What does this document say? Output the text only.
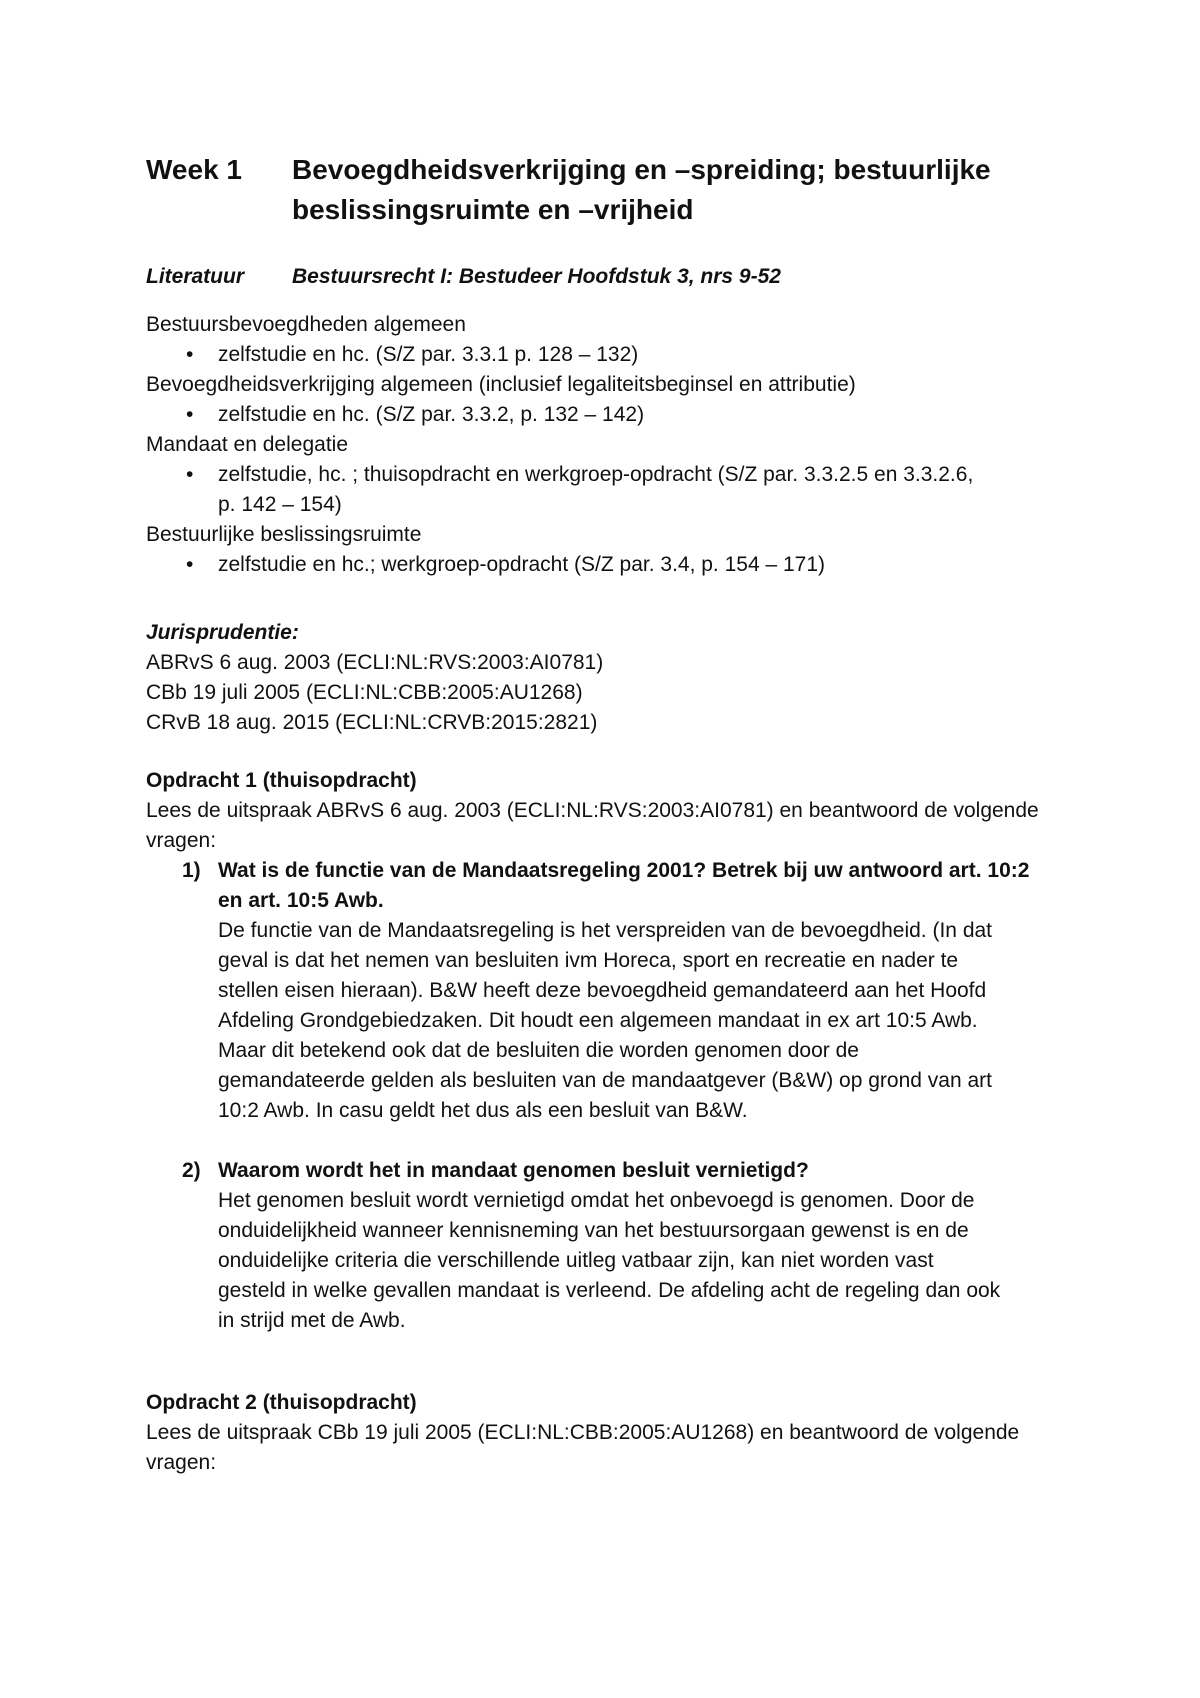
Week 1	Bevoegdheidsverkrijging en –spreiding; bestuurlijke beslissingsruimte en –vrijheid
Literatuur	Bestuursrecht I: Bestudeer Hoofdstuk 3, nrs 9-52
Bestuursbevoegdheden algemeen
• zelfstudie en hc. (S/Z par. 3.3.1 p. 128 – 132)
Bevoegdheidsverkrijging algemeen (inclusief legaliteitsbeginsel en attributie)
• zelfstudie en hc. (S/Z par. 3.3.2, p. 132 – 142)
Mandaat en delegatie
• zelfstudie, hc. ; thuisopdracht en werkgroep-opdracht (S/Z par. 3.3.2.5 en 3.3.2.6,
p. 142 – 154)
Bestuurlijke beslissingsruimte
• zelfstudie en hc.; werkgroep-opdracht (S/Z par. 3.4, p. 154 – 171)
Jurisprudentie:
ABRvS 6 aug. 2003 (ECLI:NL:RVS:2003:AI0781)
CBb 19 juli 2005 (ECLI:NL:CBB:2005:AU1268)
CRvB 18 aug. 2015 (ECLI:NL:CRVB:2015:2821)
Opdracht 1 (thuisopdracht)
Lees de uitspraak ABRvS 6 aug. 2003 (ECLI:NL:RVS:2003:AI0781) en beantwoord de volgende
vragen:
1) Wat is de functie van de Mandaatsregeling 2001? Betrek bij uw antwoord art. 10:2
en art. 10:5 Awb.
De functie van de Mandaatsregeling is het verspreiden van de bevoegdheid. (In dat
geval is dat het nemen van besluiten ivm Horeca, sport en recreatie en nader te
stellen eisen hieraan). B&W heeft deze bevoegdheid gemandateerd aan het Hoofd
Afdeling Grondgebiedzaken. Dit houdt een algemeen mandaat in ex art 10:5 Awb.
Maar dit betekend ook dat de besluiten die worden genomen door de
gemandateerde gelden als besluiten van de mandaatgever (B&W) op grond van art
10:2 Awb. In casu geldt het dus als een besluit van B&W.
2) Waarom wordt het in mandaat genomen besluit vernietigd?
Het genomen besluit wordt vernietigd omdat het onbevoegd is genomen. Door de
onduidelijkheid wanneer kennisneming van het bestuursorgaan gewenst is en de
onduidelijke criteria die verschillende uitleg vatbaar zijn, kan niet worden vast
gesteld in welke gevallen mandaat is verleend. De afdeling acht de regeling dan ook
in strijd met de Awb.
Opdracht 2 (thuisopdracht)
Lees de uitspraak CBb 19 juli 2005 (ECLI:NL:CBB:2005:AU1268) en beantwoord de volgende
vragen:
